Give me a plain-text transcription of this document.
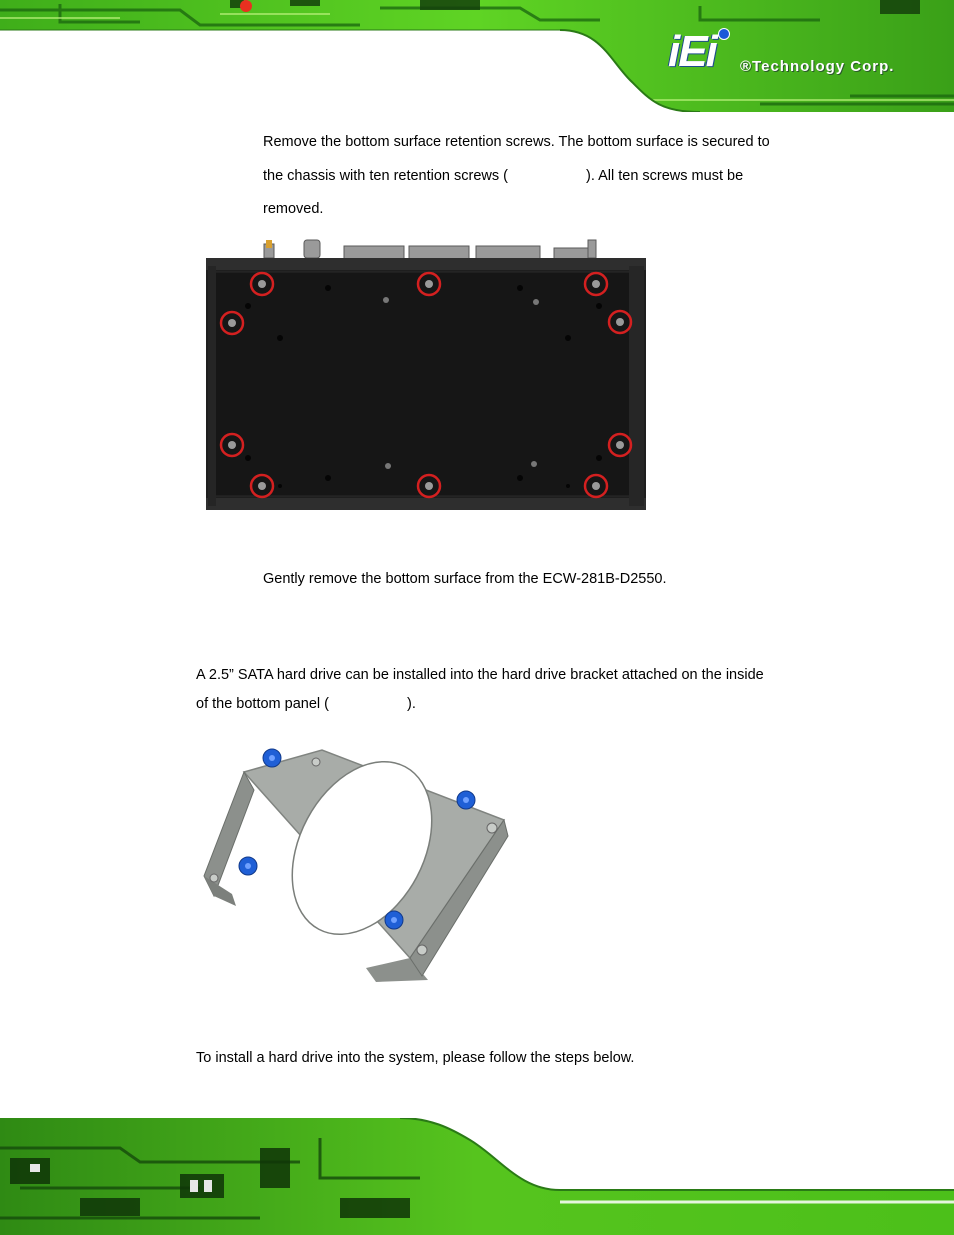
iEi ®Technology Corp.
Remove the bottom surface retention screws. The bottom surface is secured to
the chassis with ten retention screws (	). All ten screws must be
removed.
Gently remove the bottom surface from the ECW-281B-D2550.
A 2.5” SATA hard drive can be installed into the hard drive bracket attached on the inside
of the bottom panel (	).
To install a hard drive into the system, please follow the steps below.
